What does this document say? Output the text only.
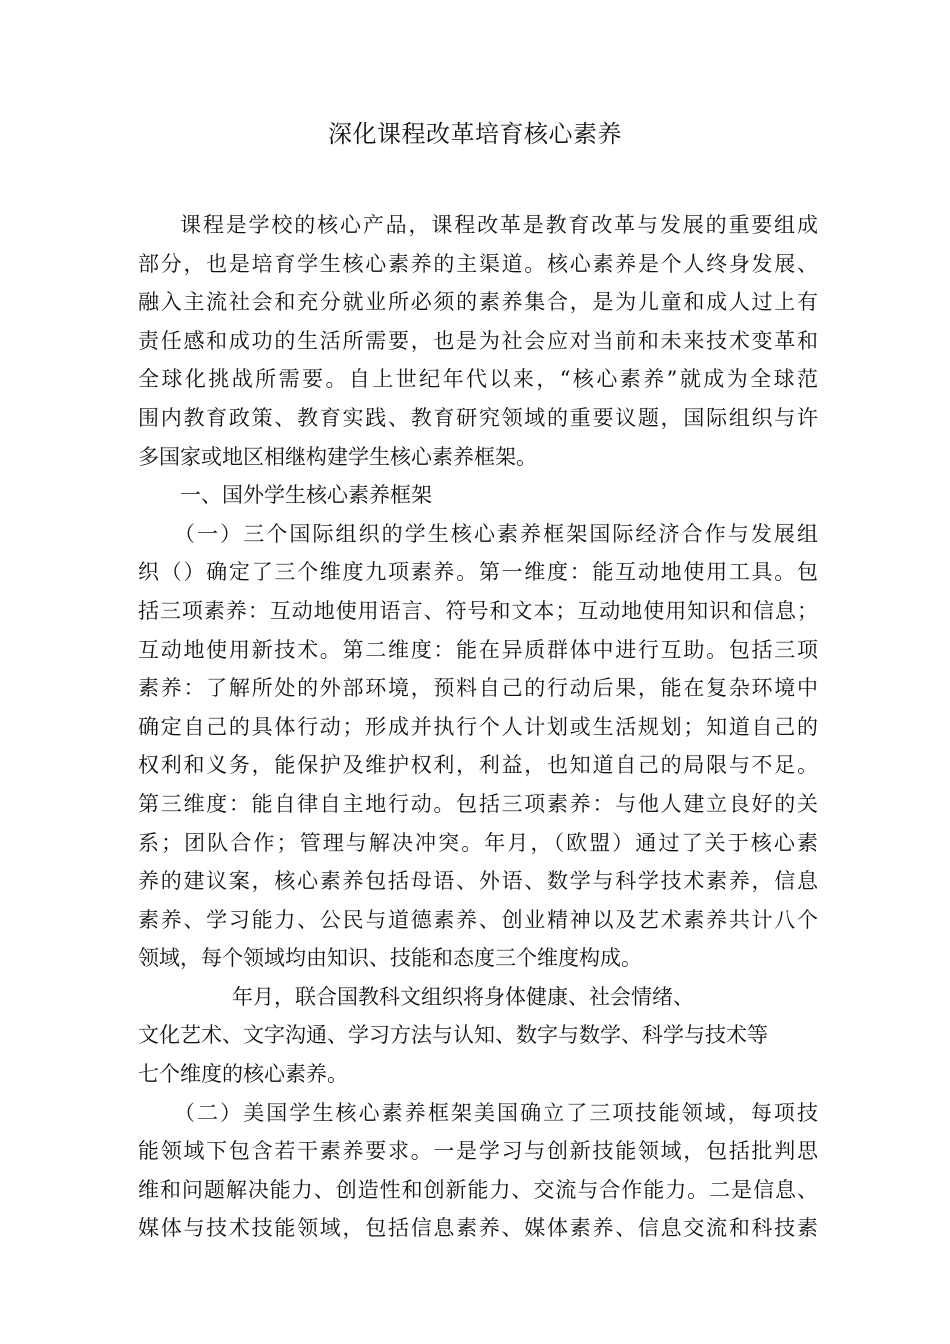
深化课程改革培育核心素养
课程是学校的核心产品，课程改革是教育改革与发展的重要组成
部分，也是培育学生核心素养的主渠道。核心素养是个人终身发展、
融入主流社会和充分就业所必须的素养集合，是为儿童和成人过上有
责任感和成功的生活所需要，也是为社会应对当前和未来技术变革和
全球化挑战所需要。自上世纪年代以来，“核心素养”就成为全球范
围内教育政策、教育实践、教育研究领域的重要议题，国际组织与许
多国家或地区相继构建学生核心素养框架。
一、国外学生核心素养框架
（一）三个国际组织的学生核心素养框架国际经济合作与发展组
织（）确定了三个维度九项素养。第一维度：能互动地使用工具。包
括三项素养：互动地使用语言、符号和文本；互动地使用知识和信息；
互动地使用新技术。第二维度：能在异质群体中进行互助。包括三项
素养：了解所处的外部环境，预料自己的行动后果，能在复杂环境中
确定自己的具体行动；形成并执行个人计划或生活规划；知道自己的
权利和义务，能保护及维护权利，利益，也知道自己的局限与不足。
第三维度：能自律自主地行动。包括三项素养：与他人建立良好的关
系；团队合作；管理与解决冲突。年月，（欧盟）通过了关于核心素
养的建议案，核心素养包括母语、外语、数学与科学技术素养，信息
素养、学习能力、公民与道德素养、创业精神以及艺术素养共计八个
领域，每个领域均由知识、技能和态度三个维度构成。
年月，联合国教科文组织将身体健康、社会情绪、
文化艺术、文字沟通、学习方法与认知、数字与数学、科学与技术等
七个维度的核心素养。
（二）美国学生核心素养框架美国确立了三项技能领域，每项技
能领域下包含若干素养要求。一是学习与创新技能领域，包括批判思
维和问题解决能力、创造性和创新能力、交流与合作能力。二是信息、
媒体与技术技能领域，包括信息素养、媒体素养、信息交流和科技素
